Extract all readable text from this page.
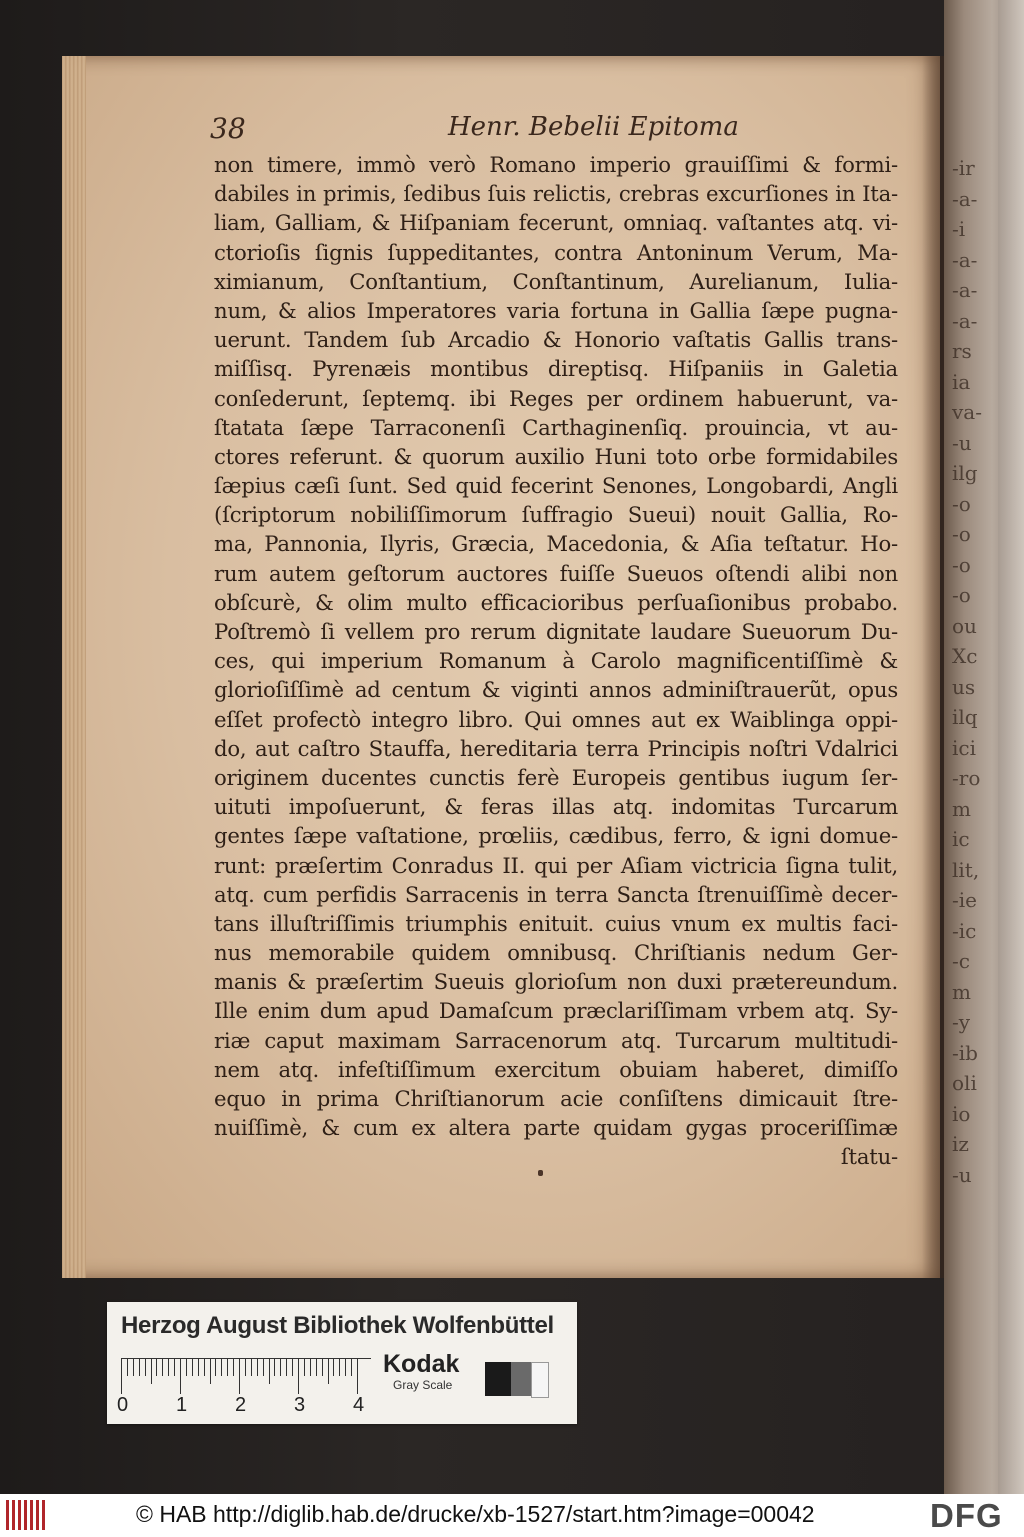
-ir
-a-
-i
-a-
-a-
-a-
rs
ia
va-
-u
ilg
-o
-o
-o
-o
ou
Xc
us
ilq
ici
-ro
m
ic
lit,
-ie
-ic
-c
m
-y
-ib
oli
io
iz
-u
38	Henr. Bebelii Epitoma
non timere, immò verò Romano imperio grauiſſimi & formi-
dabiles in primis, ſedibus ſuis relictis, crebras excurſiones in Ita-
liam, Galliam, & Hiſpaniam fecerunt, omniaq. vaſtantes atq. vi-
ctorioſis ſignis ſuppeditantes, contra Antoninum Verum, Ma-
ximianum, Conſtantium, Conſtantinum, Aurelianum, Iulia-
num, & alios Imperatores varia fortuna in Gallia ſæpe pugna-
uerunt. Tandem ſub Arcadio & Honorio vaſtatis Gallis trans-
miſſisq. Pyrenæis montibus direptisq. Hiſpaniis in Galetia
conſederunt, ſeptemq. ibi Reges per ordinem habuerunt, va-
ſtatata ſæpe Tarraconenſi Carthaginenſiq. prouincia, vt au-
ctores referunt. & quorum auxilio Huni toto orbe formidabiles
ſæpius cæſi ſunt. Sed quid fecerint Senones, Longobardi, Angli
(ſcriptorum nobiliſſimorum ſuffragio Sueui) nouit Gallia, Ro-
ma, Pannonia, Ilyris, Græcia, Macedonia, & Aſia teſtatur. Ho-
rum autem geſtorum auctores fuiſſe Sueuos oſtendi alibi non
obſcurè, & olim multo efficacioribus perſuaſionibus probabo.
Poſtremò ſi vellem pro rerum dignitate laudare Sueuorum Du-
ces, qui imperium Romanum à Carolo magnificentiſſimè &
glorioſiſſimè ad centum & viginti annos adminiſtrauerũt, opus
eſſet profectò integro libro. Qui omnes aut ex Waiblinga oppi-
do, aut caſtro Stauffa, hereditaria terra Principis noſtri Vdalrici
originem ducentes cunctis ferè Europeis gentibus iugum ſer-
uituti impoſuerunt, & feras illas atq. indomitas Turcarum
gentes ſæpe vaſtatione, prœliis, cædibus, ferro, & igni domue-
runt: præſertim Conradus II. qui per Aſiam victricia ſigna tulit,
atq. cum perfidis Sarracenis in terra Sancta ſtrenuiſſimè decer-
tans illuſtriſſimis triumphis enituit. cuius vnum ex multis faci-
nus memorabile quidem omnibusq. Chriſtianis nedum Ger-
manis & præſertim Sueuis glorioſum non duxi prætereundum.
Ille enim dum apud Damaſcum præclariſſimam vrbem atq. Sy-
riæ caput maximam Sarracenorum atq. Turcarum multitudi-
nem atq. infeſtiſſimum exercitum obuiam haberet, dimiſſo
equo in prima Chriſtianorum acie conſiſtens dimicauit ſtre-
nuiſſimè, & cum ex altera parte quidam gygas proceriſſimæ
ſtatu-
Herzog August Bibliothek Wolfenbüttel
0 1 2 3 4
Kodak
Gray Scale
© HAB http://diglib.hab.de/drucke/xb-1527/start.htm?image=00042	DFG
